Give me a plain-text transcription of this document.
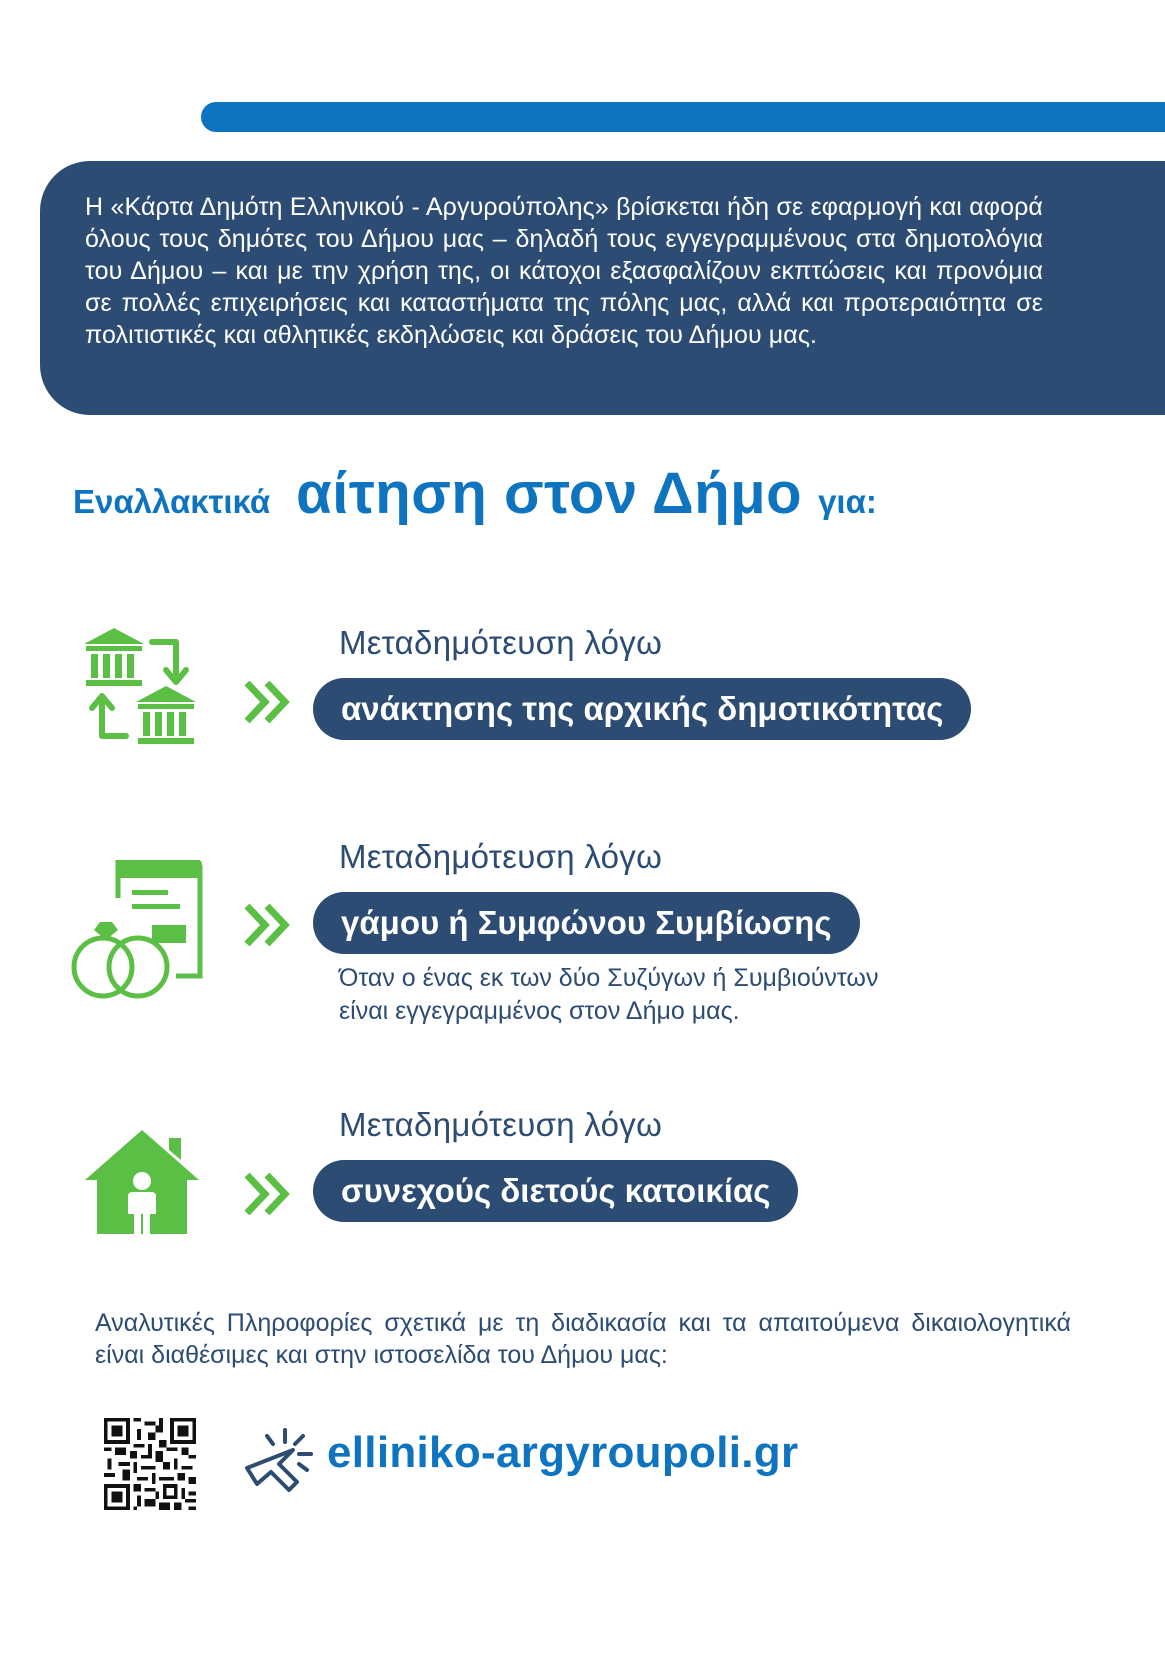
Η «Κάρτα Δημότη Ελληνικού - Αργυρούπολης» βρίσκεται ήδη σε εφαρμογή και αφορά όλους τους δημότες του Δήμου μας – δηλαδή τους εγγεγραμμένους στα δημοτολόγια του Δήμου – και με την χρήση της, οι κάτοχοι εξασφαλίζουν εκπτώσεις και προνόμια σε πολλές επιχειρήσεις και καταστήματα της πόλης μας, αλλά και προτεραιότητα σε πολιτιστικές και αθλητικές εκδηλώσεις και δράσεις του Δήμου μας.

Εναλλακτικά αίτηση στον Δήμο για:
Μεταδημότευση λόγω
ανάκτησης της αρχικής δημοτικότητας
Μεταδημότευση λόγω
γάμου ή Συμφώνου Συμβίωσης
Όταν ο ένας εκ των δύο Συζύγων ή Συμβιούντων
είναι εγγεγραμμένος στον Δήμο μας.
Μεταδημότευση λόγω
συνεχούς διετούς κατοικίας

Αναλυτικές Πληροφορίες σχετικά με τη διαδικασία και τα απαιτούμενα δικαιολογητικά είναι διαθέσιμες και στην ιστοσελίδα του Δήμου μας:

elliniko-argyroupoli.gr
